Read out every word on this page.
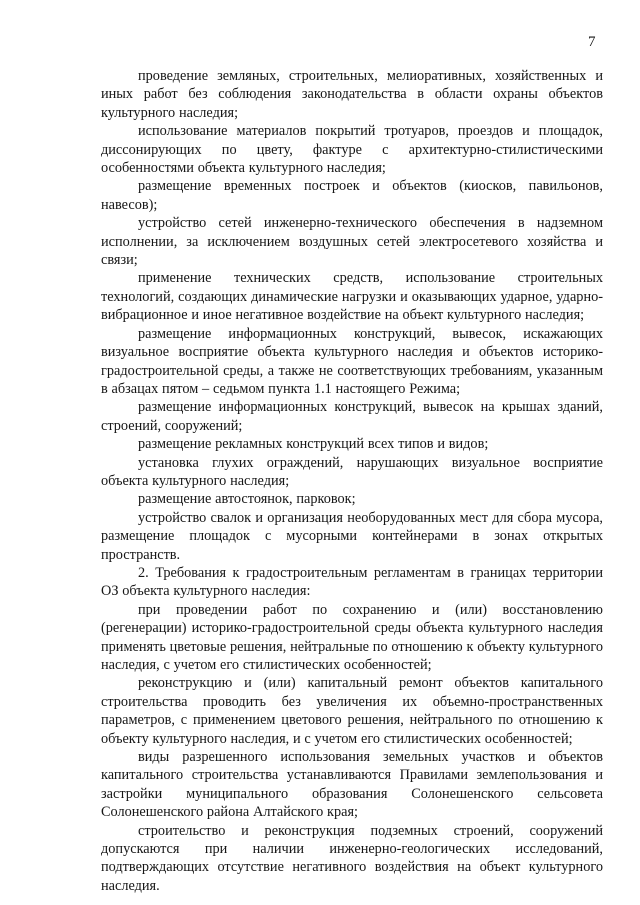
7

проведение земляных, строительных, мелиоративных, хозяйственных и иных работ без соблюдения законодательства в области охраны объектов культурного наследия;

использование материалов покрытий тротуаров, проездов и площадок, диссонирующих по цвету, фактуре с архитектурно-стилистическими особенностями объекта культурного наследия;

размещение временных построек и объектов (киосков, павильонов, навесов);

устройство сетей инженерно-технического обеспечения в надземном исполнении, за исключением воздушных сетей электросетевого хозяйства и связи;

применение технических средств, использование строительных технологий, создающих динамические нагрузки и оказывающих ударное, ударно-вибрационное и иное негативное воздействие на объект культурного наследия;

размещение информационных конструкций, вывесок, искажающих визуальное восприятие объекта культурного наследия и объектов историко-градостроительной среды, а также не соответствующих требованиям, указанным в абзацах пятом – седьмом пункта 1.1 настоящего Режима;

размещение информационных конструкций, вывесок на крышах зданий, строений, сооружений;

размещение рекламных конструкций всех типов и видов;

установка глухих ограждений, нарушающих визуальное восприятие объекта культурного наследия;

размещение автостоянок, парковок;

устройство свалок и организация необорудованных мест для сбора мусора, размещение площадок с мусорными контейнерами в зонах открытых пространств.

2. Требования к градостроительным регламентам в границах территории ОЗ объекта культурного наследия:

при проведении работ по сохранению и (или) восстановлению (регенерации) историко-градостроительной среды объекта культурного наследия применять цветовые решения, нейтральные по отношению к объекту культурного наследия, с учетом его стилистических особенностей;

реконструкцию и (или) капитальный ремонт объектов капитального строительства проводить без увеличения их объемно-пространственных параметров, с применением цветового решения, нейтрального по отношению к объекту культурного наследия, и с учетом его стилистических особенностей;

виды разрешенного использования земельных участков и объектов капитального строительства устанавливаются Правилами землепользования и застройки муниципального образования Солонешенского сельсовета Солонешенского района Алтайского края;

строительство и реконструкция подземных строений, сооружений допускаются при наличии инженерно-геологических исследований, подтверждающих отсутствие негативного воздействия на объект культурного наследия.
